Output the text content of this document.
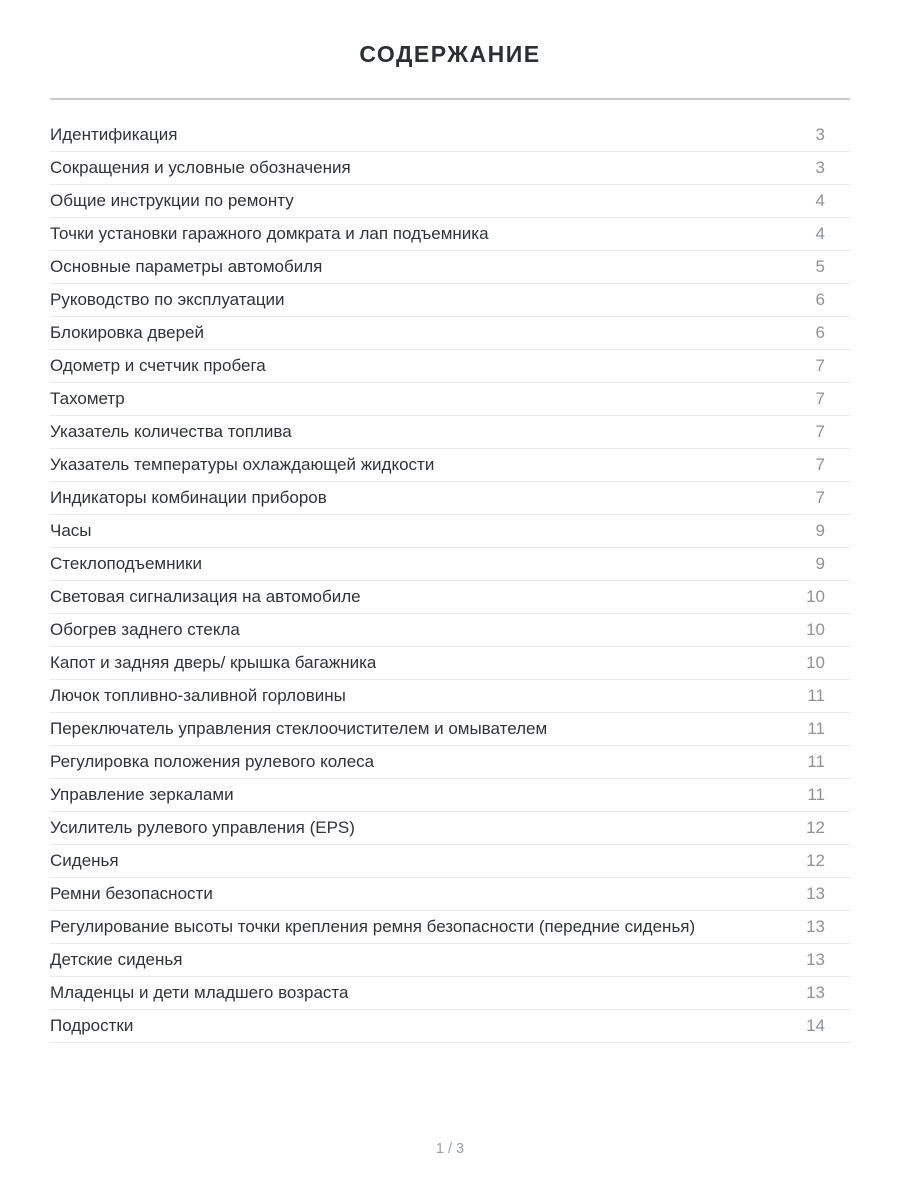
СОДЕРЖАНИЕ
Идентификация	3
Сокращения и условные обозначения	3
Общие инструкции по ремонту	4
Точки установки гаражного домкрата и лап подъемника	4
Основные параметры автомобиля	5
Руководство по эксплуатации	6
Блокировка дверей	6
Одометр и счетчик пробега	7
Тахометр	7
Указатель количества топлива	7
Указатель температуры охлаждающей жидкости	7
Индикаторы комбинации приборов	7
Часы	9
Стеклоподъемники	9
Световая сигнализация на автомобиле	10
Обогрев заднего стекла	10
Капот и задняя дверь/ крышка багажника	10
Лючок топливно-заливной горловины	11
Переключатель управления стеклоочистителем и омывателем	11
Регулировка положения рулевого колеса	11
Управление зеркалами	11
Усилитель рулевого управления (EPS)	12
Сиденья	12
Ремни безопасности	13
Регулирование высоты точки крепления ремня безопасности (передние сиденья)	13
Детские сиденья	13
Младенцы и дети младшего возраста	13
Подростки	14
1 / 3
